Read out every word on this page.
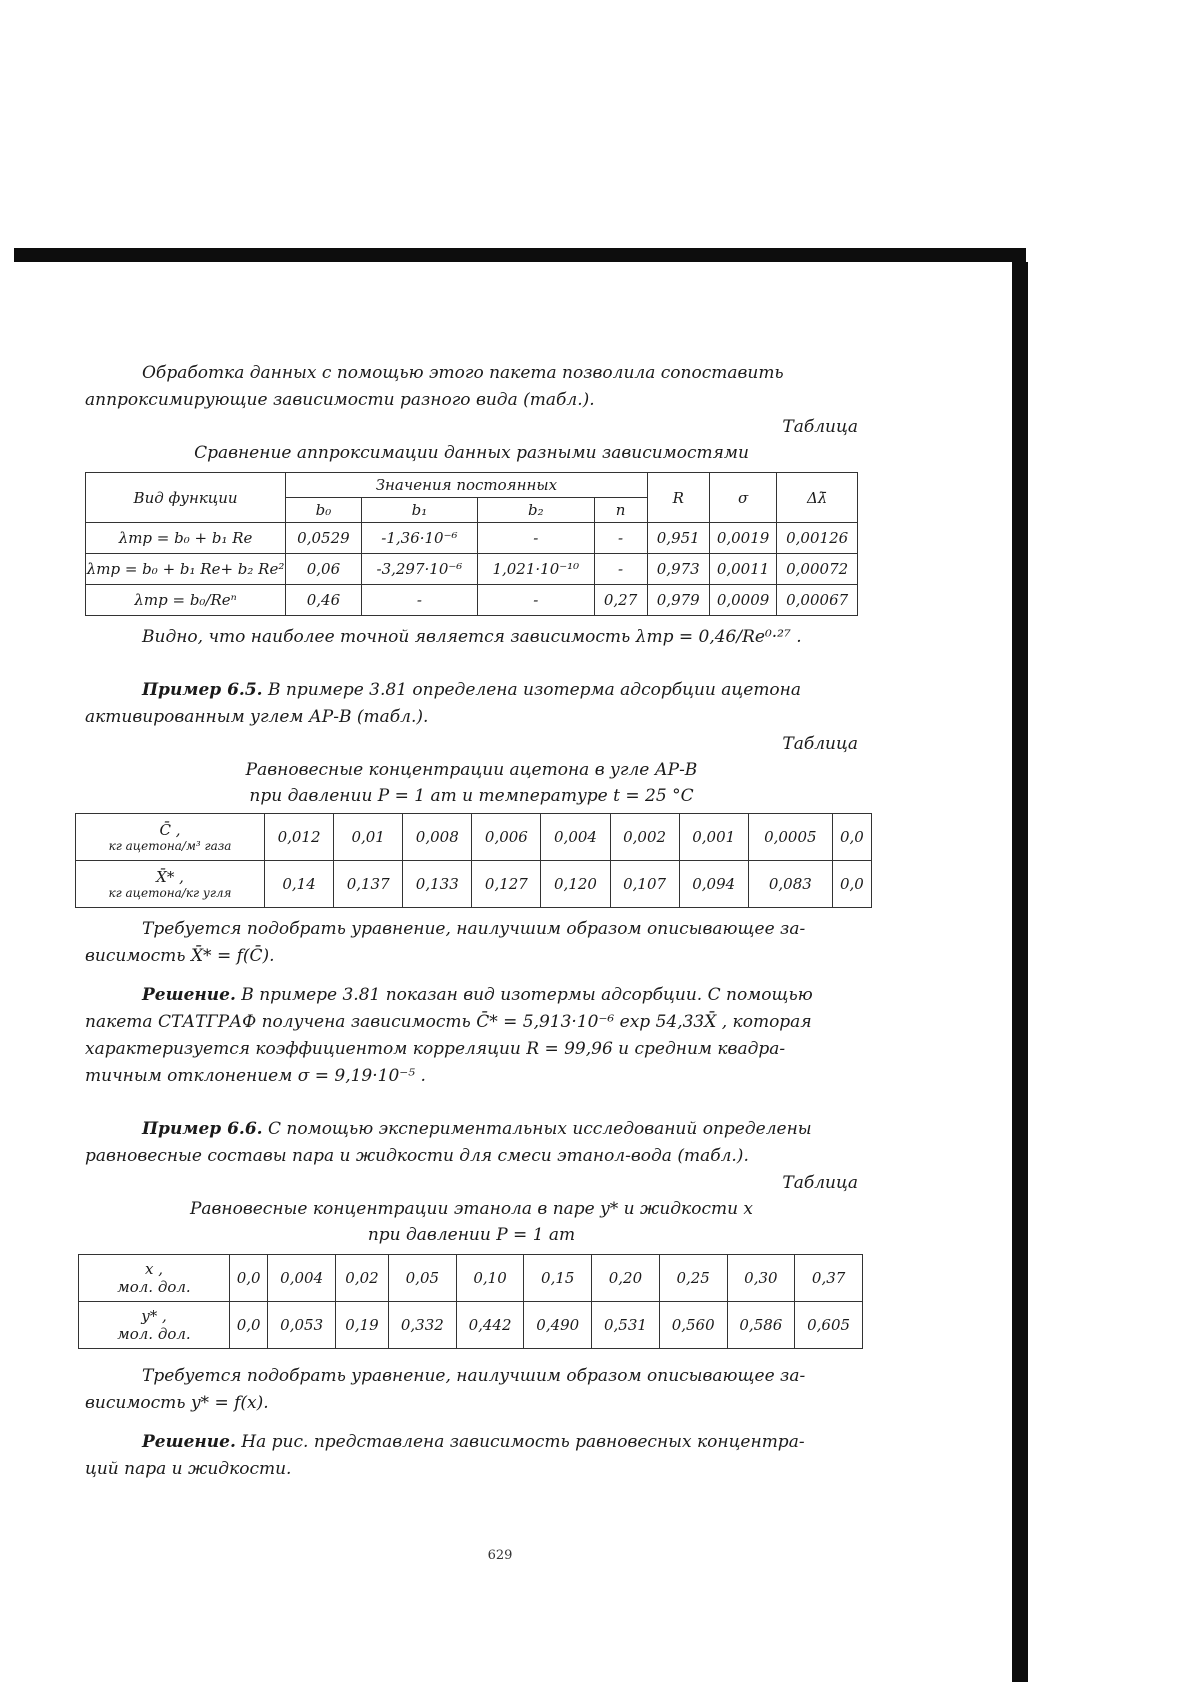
Обработка данных с помощью этого пакета позволила сопоставить

аппроксимирующие зависимости разного вида (табл.).

Таблица
Сравнение аппроксимации данных разными зависимостями
Вид функции	Значения постоянных				R	σ	Δλ̄
	b₀	b₁	b₂	n			
λтр = b₀ + b₁ Re	0,0529	-1,36·10⁻⁶	-	-	0,951	0,0019	0,00126
λтр = b₀ + b₁ Re+ b₂ Re²	0,06	-3,297·10⁻⁶	1,021·10⁻¹⁰	-	0,973	0,0011	0,00072
λтр = b₀/Reⁿ	0,46	-	-	0,27	0,979	0,0009	0,00067

Видно, что наиболее точной является зависимость λтр = 0,46/Re⁰·²⁷ .

Пример 6.5. В примере 3.81 определена изотерма адсорбции ацетона

активированным углем АР-В (табл.).

Таблица
Равновесные концентрации ацетона в угле АР-В
при давлении P = 1 ат и температуре t = 25 °С
C̄ ,
кг ацетона/м³ газа	0,012	0,01	0,008	0,006	0,004	0,002	0,001	0,0005	0,0

X̄* ,
кг ацетона/кг угля	0,14	0,137	0,133	0,127	0,120	0,107	0,094	0,083	0,0

Требуется подобрать уравнение, наилучшим образом описывающее за-

висимость X̄* = f(C̄).

Решение. В примере 3.81 показан вид изотермы адсорбции. С помощью

пакета СТАТГРАФ получена зависимость C̄* = 5,913·10⁻⁶ exp 54,33X̄ , которая

характеризуется коэффициентом корреляции R = 99,96 и средним квадра-

тичным отклонением σ = 9,19·10⁻⁵ .

Пример 6.6. С помощью экспериментальных исследований определены

равновесные составы пара и жидкости для смеси этанол-вода (табл.).

Таблица
Равновесные концентрации этанола в паре y* и жидкости x
при давлении P = 1 ат
x ,
мол. дол.	0,0	0,004	0,02	0,05	0,10	0,15	0,20	0,25	0,30	0,37

y* ,
мол. дол.	0,0	0,053	0,19	0,332	0,442	0,490	0,531	0,560	0,586	0,605

Требуется подобрать уравнение, наилучшим образом описывающее за-

висимость y* = f(x).

Решение. На рис. представлена зависимость равновесных концентра-

ций пара и жидкости.

629
